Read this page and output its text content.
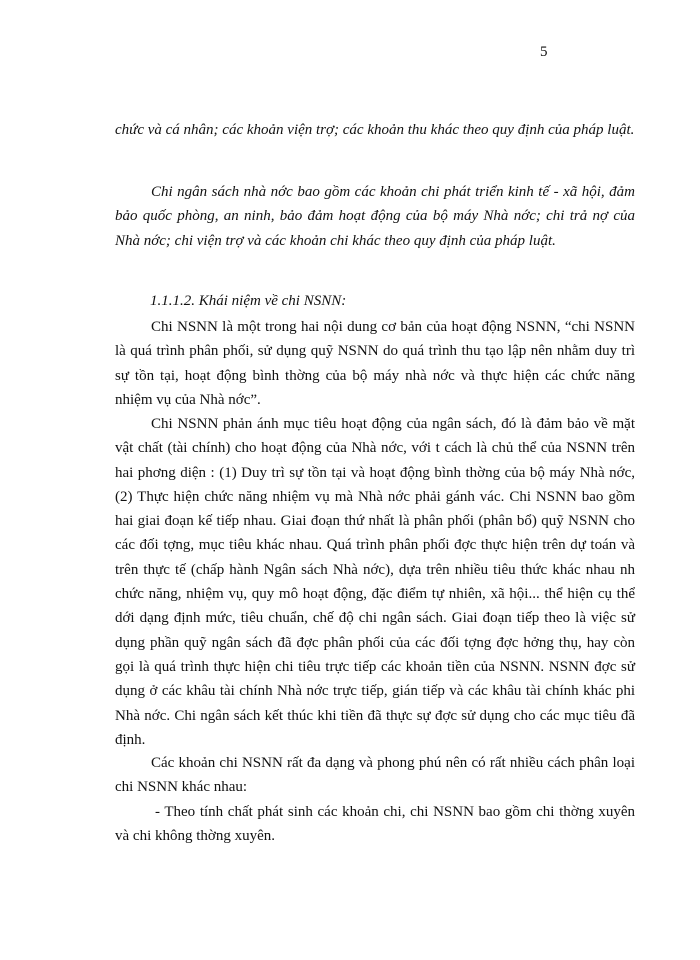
5

chức và cá nhân; các khoản viện trợ; các khoản thu khác theo quy định của pháp luật.

Chi ngân sách nhà nớc bao gồm các khoản chi phát triển kinh tế - xã hội, đảm bảo quốc phòng, an ninh, bảo đảm hoạt động của bộ máy Nhà nớc; chi trả nợ của Nhà nớc; chi viện trợ và các khoản chi khác theo quy định của pháp luật.

1.1.1.2. Khái niệm về chi NSNN:

Chi NSNN là một trong hai nội dung cơ bản của hoạt động NSNN, “chi NSNN là quá trình phân phối, sử dụng quỹ NSNN do quá trình thu tạo lập nên nhằm duy trì sự tồn tại, hoạt động bình thờng của bộ máy nhà nớc và thực hiện các chức năng nhiệm vụ của Nhà nớc”.

Chi NSNN phản ánh mục tiêu hoạt động của ngân sách, đó là đảm bảo về mặt vật chất (tài chính) cho hoạt động của Nhà nớc, với t cách là chủ thể của NSNN trên hai phơng diện : (1) Duy trì sự tồn tại và hoạt động bình thờng của bộ máy Nhà nớc, (2) Thực hiện chức năng nhiệm vụ mà Nhà nớc phải gánh vác. Chi NSNN bao gồm hai giai đoạn kế tiếp nhau. Giai đoạn thứ nhất là phân phối (phân bổ) quỹ NSNN cho các đối tợng, mục tiêu khác nhau. Quá trình phân phối đợc thực hiện trên dự toán và trên thực tế (chấp hành Ngân sách Nhà nớc), dựa trên nhiều tiêu thức khác nhau nh chức năng, nhiệm vụ, quy mô hoạt động, đặc điểm tự nhiên, xã hội... thể hiện cụ thể dới dạng định mức, tiêu chuẩn, chế độ chi ngân sách. Giai đoạn tiếp theo là việc sử dụng phần quỹ ngân sách đã đợc phân phối của các đối tợng đợc hởng thụ, hay còn gọi là quá trình thực hiện chi tiêu trực tiếp các khoản tiền của NSNN. NSNN đợc sử dụng ở các khâu tài chính Nhà nớc trực tiếp, gián tiếp và các khâu tài chính khác phi Nhà nớc. Chi ngân sách kết thúc khi tiền đã thực sự đợc sử dụng cho các mục tiêu đã định.

Các khoản chi NSNN rất đa dạng và phong phú nên có rất nhiều cách phân loại chi NSNN khác nhau:

- Theo tính chất phát sinh các khoản chi, chi NSNN bao gồm chi thờng xuyên và chi không thờng xuyên.
